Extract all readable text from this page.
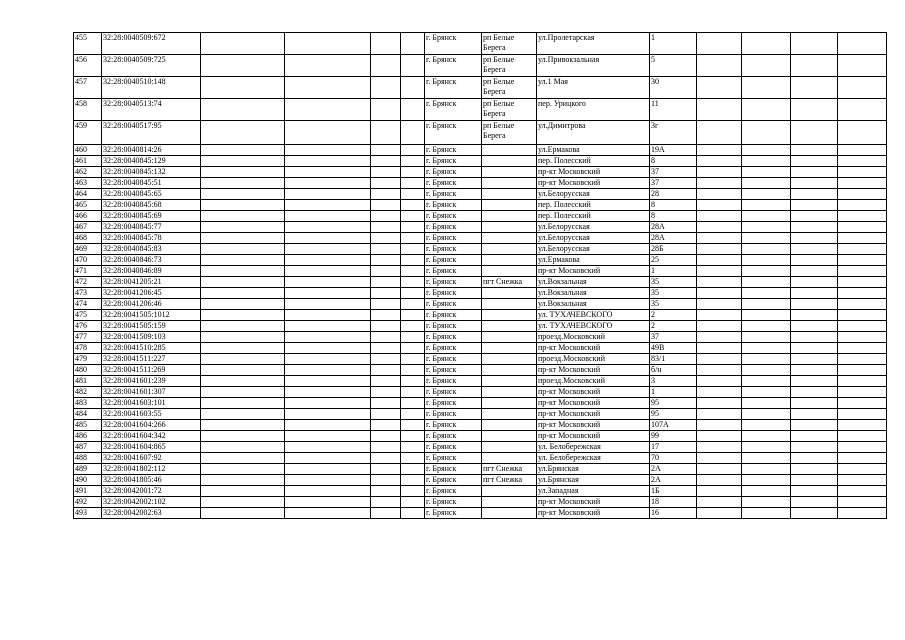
455	32:28:0040509:672					г. Брянск	рп Белые Берега	ул.Пролетарская	1				
456	32:28:0040509:725					г. Брянск	рп Белые Берега	ул.Привокзальная	5				
457	32:28:0040510:148					г. Брянск	рп Белые Берега	ул.1 Мая	30				
458	32:28:0040513:74					г. Брянск	рп Белые Берега	пер. Урицкого	11				
459	32:28:0040517:95					г. Брянск	рп Белые Берега	ул.Димитрова	3г				
460	32:28:0040814:26					г. Брянск		ул.Ермакова	19А				
461	32:28:0040845:129					г. Брянск		пер. Полесский	8				
462	32:28:0040845:132					г. Брянск		пр-кт Московский	37				
463	32:28:0040845:51					г. Брянск		пр-кт Московский	37				
464	32:28:0040845:65					г. Брянск		ул.Белорусская	28				
465	32:28:0040845:68					г. Брянск		пер. Полесский	8				
466	32:28:0040845:69					г. Брянск		пер. Полесский	8				
467	32:28:0040845:77					г. Брянск		ул.Белорусская	28А				
468	32:28:0040845:78					г. Брянск		ул.Белорусская	28А				
469	32:28:0040845:83					г. Брянск		ул.Белорусская	28Б				
470	32:28:0040846:73					г. Брянск		ул.Ермакова	25				
471	32:28:0040846:89					г. Брянск		пр-кт Московский	1				
472	32:28:0041205:21					г. Брянск	пгт Снежка	ул.Вокзальная	35				
473	32:28:0041206:45					г. Брянск		ул.Вокзальная	35				
474	32:28:0041206:46					г. Брянск		ул.Вокзальная	35				
475	32:28:0041505:1012					г. Брянск		ул. ТУХАЧЕВСКОГО	2				
476	32:28:0041505:159					г. Брянск		ул. ТУХАЧЕВСКОГО	2				
477	32:28:0041509:103					г. Брянск		проезд.Московский	37				
478	32:28:0041510:285					г. Брянск		пр-кт Московский	49В				
479	32:28:0041511:227					г. Брянск		проезд.Московский	83/1				
480	32:28:0041511:269					г. Брянск		пр-кт Московский	б/н				
481	32:28:0041601:239					г. Брянск		проезд.Московский	3				
482	32:28:0041601:307					г. Брянск		пр-кт Московский	1				
483	32:28:0041603:101					г. Брянск		пр-кт Московский	95				
484	32:28:0041603:55					г. Брянск		пр-кт Московский	95				
485	32:28:0041604:266					г. Брянск		пр-кт Московский	107А				
486	32:28:0041604:342					г. Брянск		пр-кт Московский	99				
487	32:28:0041604:865					г. Брянск		ул. Белобережская	17				
488	32:28:0041607:92					г. Брянск		ул. Белобережская	70				
489	32:28:0041802:112					г. Брянск	пгт Снежка	ул.Брянская	2А				
490	32:28:0041805:46					г. Брянск	пгт Снежка	ул.Брянская	2А				
491	32:28:0042001:72					г. Брянск		ул.Западная	1Б				
492	32:28:0042002:102					г. Брянск		пр-кт Московский	18				
493	32:28:0042002:63					г. Брянск		пр-кт Московский	16				
